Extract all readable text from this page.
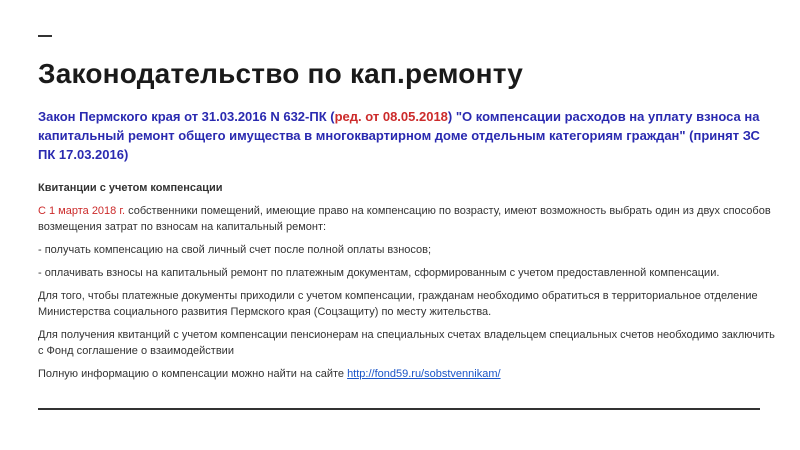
Законодательство по кап.ремонту

Закон Пермского края от 31.03.2016 N 632-ПК (ред. от 08.05.2018) "О компенсации расходов на уплату взноса на капитальный ремонт общего имущества в многоквартирном доме отдельным категориям граждан" (принят ЗС ПК 17.03.2016)

Квитанции с учетом компенсации

С 1 марта 2018 г. собственники помещений, имеющие право на компенсацию по возрасту, имеют возможность выбрать один из двух способов возмещения затрат по взносам на капитальный ремонт:

- получать компенсацию на свой личный счет после полной оплаты взносов;

- оплачивать взносы на капитальный ремонт по платежным документам, сформированным с учетом предоставленной компенсации.

Для того, чтобы платежные документы приходили с учетом компенсации, гражданам необходимо обратиться в территориальное отделение Министерства социального развития Пермского края (Соцзащиту) по месту жительства.

Для получения квитанций с учетом компенсации пенсионерам на специальных счетах владельцем специальных счетов необходимо заключить с Фонд соглашение о взаимодействии

Полную информацию о компенсации можно найти на сайте http://fond59.ru/sobstvennikam/
